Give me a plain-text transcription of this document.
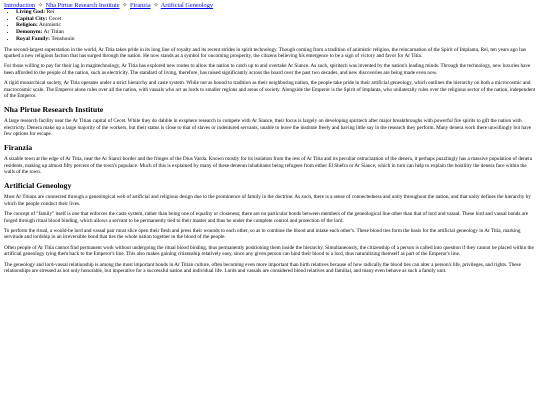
Introduction ✧ Nha Pirtue Research Institute ✧ Firanzia ✧ Artificial Geneology
• Living God: Rei
• Capital City: Cecet
• Religion: Animistic
• Demonym: Ar Titian
• Royal Family: Tenshouin

The second-largest superstation in the world, Ar Titia takes pride in its long line of royalty and its recent strides in spirit technology. Though coming from a tradition of animistic religion, the reincarnation of the Spirit of Implanta, Rei, ten years ago has sparked a new religious faction that has surged through the nation. He now stands as a symbol for oncoming prosperity, the citizens believing his emergence to be a sign of victory and favor for Ar Titia.

For those willing to pay for their lag in magitechnology, Ar Titia has explored new routes to allow the nation to catch up to and overtake Ar Siance. As such, spiritech was invented by the nation's leading minds. Through the technology, new luxuries have been afforded to the people of the nation, such as electricity. The standard of living, therefore, has raised significantly across the board over the past two decades, and new discoveries are being made even now.

A rigid monarchical society, Ar Titia operates under a strict hierarchy and caste system. While not as bound to tradition as their neighboring nation, the people take pride in their artificial geneology, which outlines the hierarchy on both a microcosmic and macrocosmic scale. The Emperor alone rules over all the nation, with vassals who act as lords to smaller regions and areas of society. Alongside the Emperor is the Spirit of Implanta, who unilaterally rules over the religious sector of the nation, independent of the Emperor.

Nha Pirtue Research Institute

A large research facility near the Ar Titian capital of Cecet. While they do dabble in exsphere research to compete with Ar Siance, their focus is largely on developing spiritech after major breakthroughs with powerful fire spirits to gift the nation with electricity. Denera make up a large majority of the workers, but their status is close to that of slaves or indentured servants, unable to leave the institute freely and having little say in the research they perform. Many denera work there unwillingly but have few options for escape.

Firanzia

A sizable town at the edge of Ar Titia, near the Ar Sianci border and the fringes of the Dius Varda. Known mostly for its isolation from the rest of Ar Titia and its peculiar ostracization of the denera, it perhaps puzzlingly has a massive population of denera residents, making up almost fifty percent of the town's populace. Much of this is explained by many of these deneran inhabitants being refugees from either El Shefra or Ar Siance, which in turn can help to explain the hostility the denera face within the walls of the town.

Artificial Geneology

Most Ar Titians are connected through a geneological web of artificial and religious design due to the prominence of family in the doctrine. As such, there is a sense of connectedness and unity throughout the nation, and that unity defines the hierarchy by which the people conduct their lives.

The concept of "family" itself is one that enforces the caste system, rather than being one of equality or closeness; there are no particular bonds between members of the geneological line other than that of lord and vassal. These lord and vassal bonds are forged through ritual blood binding, which allows a servant to be permanently tied to their master and thus be under the complete control and protection of the lord.

To perform the ritual, a would-be lord and vassal pair must slice open their flesh and press their wounds to each other, so as to combine the blood and intake each other's. These blood ties form the basis for the artificial geneology in Ar Titia, marking servitude and lordship in an irreversible bond that ties the whole nation together in the blood of the people.

Often people of Ar Titia cannot find permanent work without undergoing the ritual blood binding, thus permanently positioning them inside the hierarchy. Simultaneously, the citizenship of a person is called into question if they cannot be placed within the artificial geneology tying them back to the Emperor's line. This also makes gaining citizenship relatively easy, since any given person can bind their blood to a lord, thus naturalizing themself as part of the Emperor's line.

The geneology and lord-vassal relationship is among the most important bonds in Ar Titian culture, often becoming even more important than birth relatives because of how radically the blood ties can alter a person's life, privileges, and rights. These relationships are stressed as not only honorable, but imperative for a successful nation and individual life. Lords and vassals are considered blood relatives and familial, and many even behave as such a family unit.
